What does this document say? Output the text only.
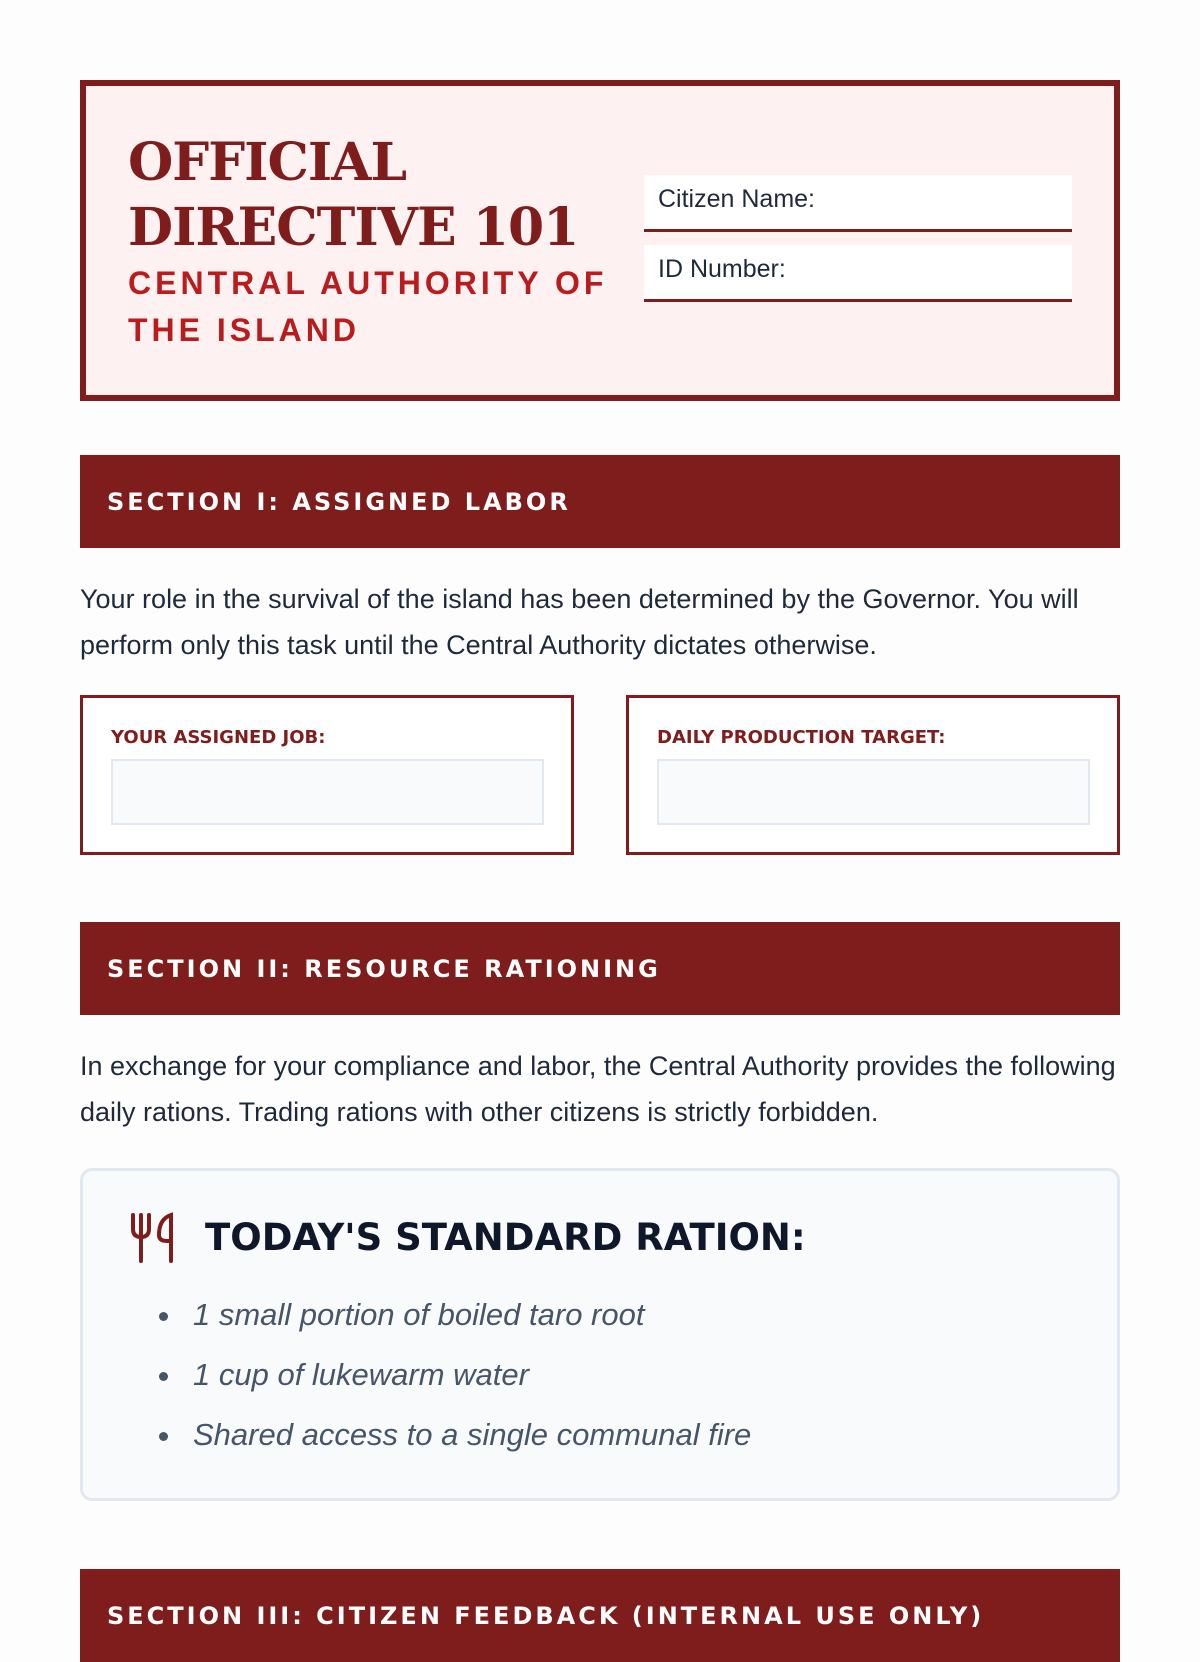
OFFICIAL
DIRECTIVE 101
CENTRAL AUTHORITY OF THE ISLAND
Citizen Name:
ID Number:
SECTION I: ASSIGNED LABOR

Your role in the survival of the island has been determined by the Governor. You will perform only this task until the Central Authority dictates otherwise.

YOUR ASSIGNED JOB:	DAILY PRODUCTION TARGET:
SECTION II: RESOURCE RATIONING

In exchange for your compliance and labor, the Central Authority provides the following daily rations. Trading rations with other citizens is strictly forbidden.

TODAY'S STANDARD RATION:
1 small portion of boiled taro root
1 cup of lukewarm water
Shared access to a single communal fire
SECTION III: CITIZEN FEEDBACK (INTERNAL USE ONLY)
